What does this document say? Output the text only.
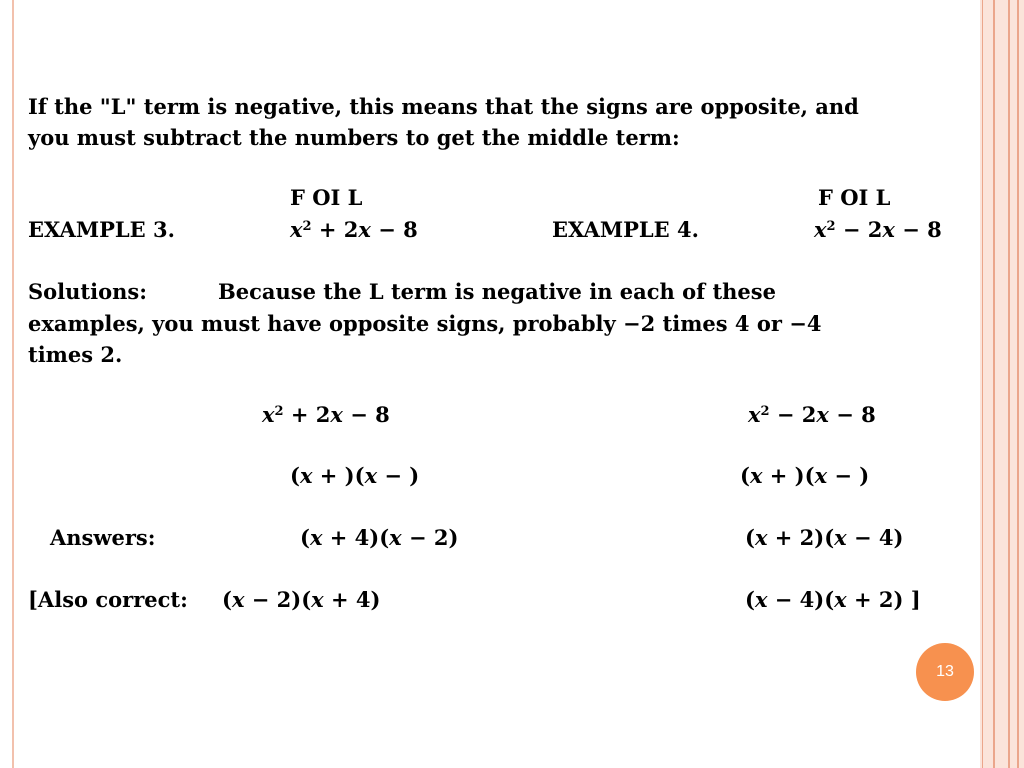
If the "L" term is negative, this means that the signs are opposite, and
you must subtract the numbers to get the middle term:
F OI L	F OI L
EXAMPLE 3.	$x^2 + 2x - 8$	EXAMPLE 4.	$x^2 - 2x - 8$
Solutions:	Because the L term is negative in each of these
examples, you must have opposite signs, probably −2 times 4 or −4
times 2.
$x^2 + 2x - 8$	$x^2 - 2x - 8$
(x + )(x − )	(x + )(x − )
Answers:	(x + 4)(x − 2)	(x + 2)(x − 4)
[Also correct: (x − 2)(x + 4)	(x − 4)(x + 2) ]
13
